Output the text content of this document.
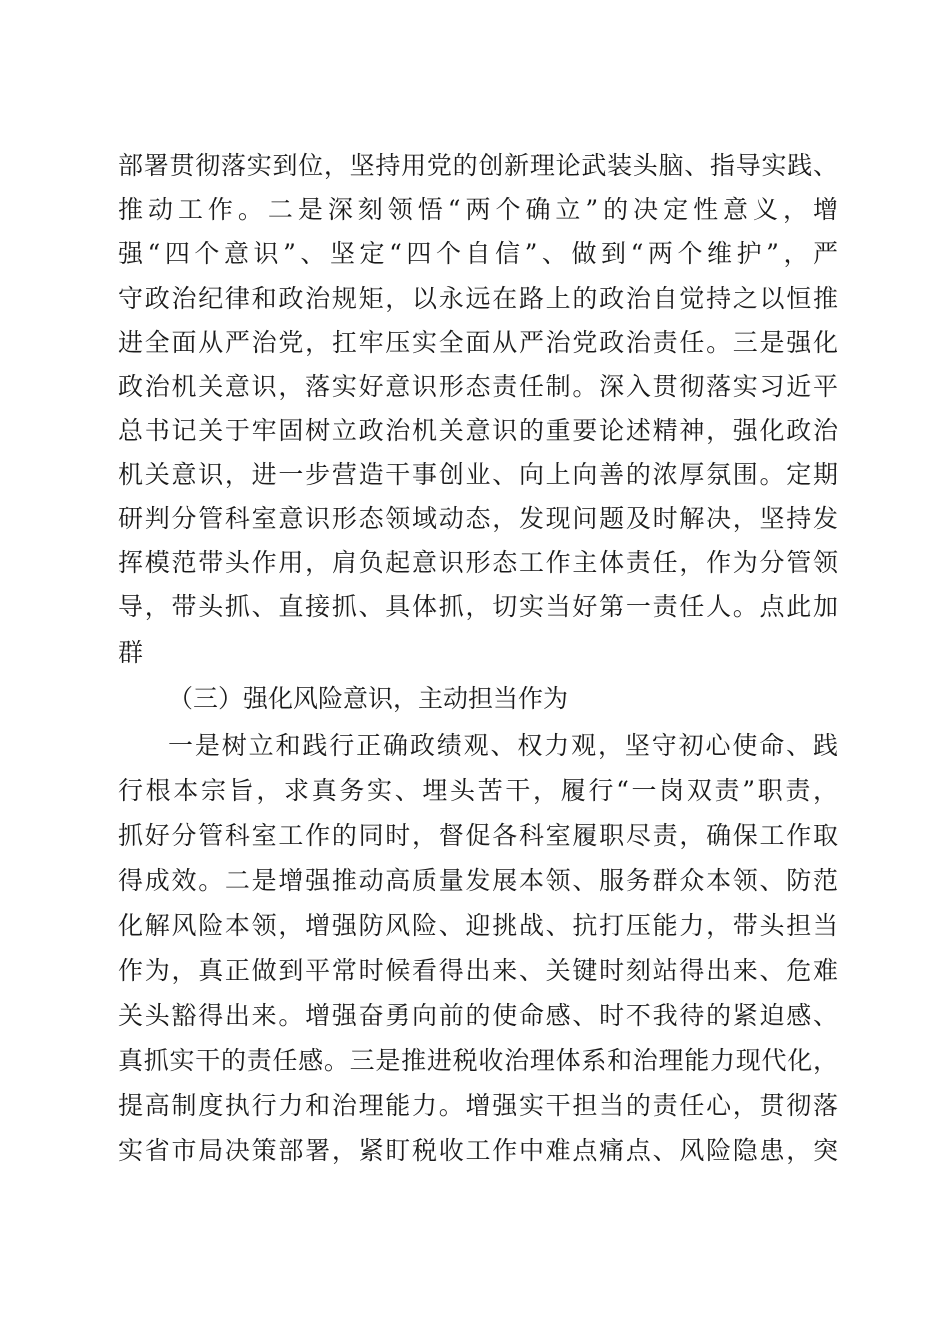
部署贯彻落实到位，坚持用党的创新理论武装头脑、指导实践、
推动工作。二是深刻领悟“两个确立”的决定性意义，增
强“四个意识”、坚定“四个自信”、做到“两个维护”，严
守政治纪律和政治规矩，以永远在路上的政治自觉持之以恒推
进全面从严治党，扛牢压实全面从严治党政治责任。三是强化
政治机关意识，落实好意识形态责任制。深入贯彻落实习近平
总书记关于牢固树立政治机关意识的重要论述精神，强化政治
机关意识，进一步营造干事创业、向上向善的浓厚氛围。定期
研判分管科室意识形态领域动态，发现问题及时解决，坚持发
挥模范带头作用，肩负起意识形态工作主体责任，作为分管领
导，带头抓、直接抓、具体抓，切实当好第一责任人。点此加
群
（三）强化风险意识，主动担当作为
一是树立和践行正确政绩观、权力观，坚守初心使命、践
行根本宗旨，求真务实、埋头苦干，履行“一岗双责”职责，
抓好分管科室工作的同时，督促各科室履职尽责，确保工作取
得成效。二是增强推动高质量发展本领、服务群众本领、防范
化解风险本领，增强防风险、迎挑战、抗打压能力，带头担当
作为，真正做到平常时候看得出来、关键时刻站得出来、危难
关头豁得出来。增强奋勇向前的使命感、时不我待的紧迫感、
真抓实干的责任感。三是推进税收治理体系和治理能力现代化，
提高制度执行力和治理能力。增强实干担当的责任心，贯彻落
实省市局决策部署，紧盯税收工作中难点痛点、风险隐患，突
